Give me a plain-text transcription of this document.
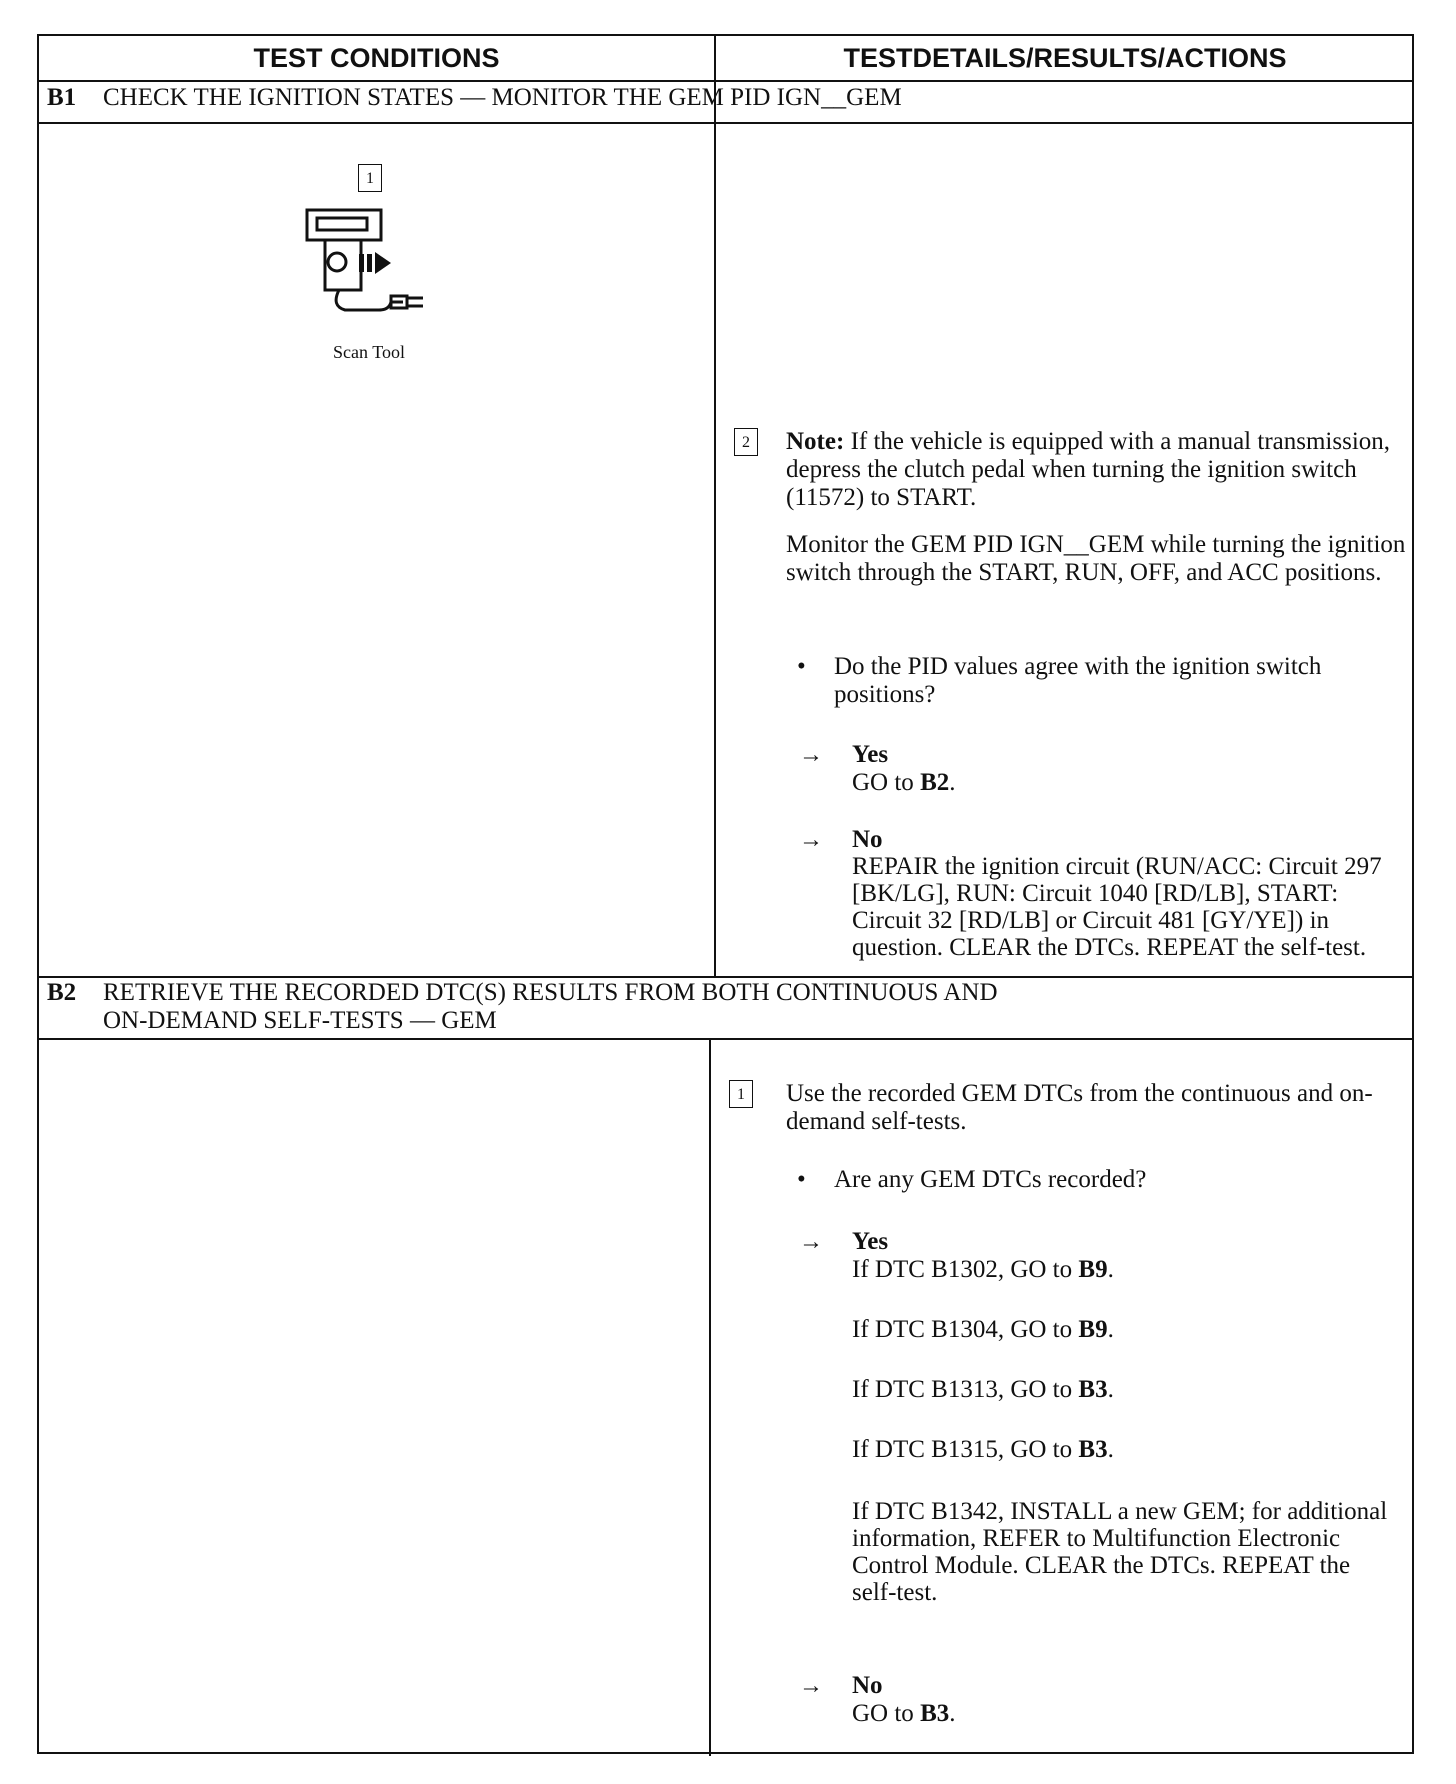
TEST CONDITIONS	TESTDETAILS/RESULTS/ACTIONS
B1 CHECK THE IGNITION STATES — MONITOR THE GEM PID IGN__GEM
1
Scan Tool
2	Note: If the vehicle is equipped with a manual transmission, depress the clutch pedal when turning the ignition switch (11572) to START.
Monitor the GEM PID IGN__GEM while turning the ignition switch through the START, RUN, OFF, and ACC positions.
• Do the PID values agree with the ignition switch positions?
→ Yes
GO to B2.
→ No
REPAIR the ignition circuit (RUN/ACC: Circuit 297 [BK/LG], RUN: Circuit 1040 [RD/LB], START: Circuit 32 [RD/LB] or Circuit 481 [GY/YE]) in question. CLEAR the DTCs. REPEAT the self-test.
B2 RETRIEVE THE RECORDED DTC(S) RESULTS FROM BOTH CONTINUOUS AND
ON-DEMAND SELF-TESTS — GEM
1	Use the recorded GEM DTCs from the continuous and on-demand self-tests.
• Are any GEM DTCs recorded?
→ Yes
If DTC B1302, GO to B9.
If DTC B1304, GO to B9.
If DTC B1313, GO to B3.
If DTC B1315, GO to B3.
If DTC B1342, INSTALL a new GEM; for additional information, REFER to Multifunction Electronic Control Module. CLEAR the DTCs. REPEAT the self-test.
→ No
GO to B3.
